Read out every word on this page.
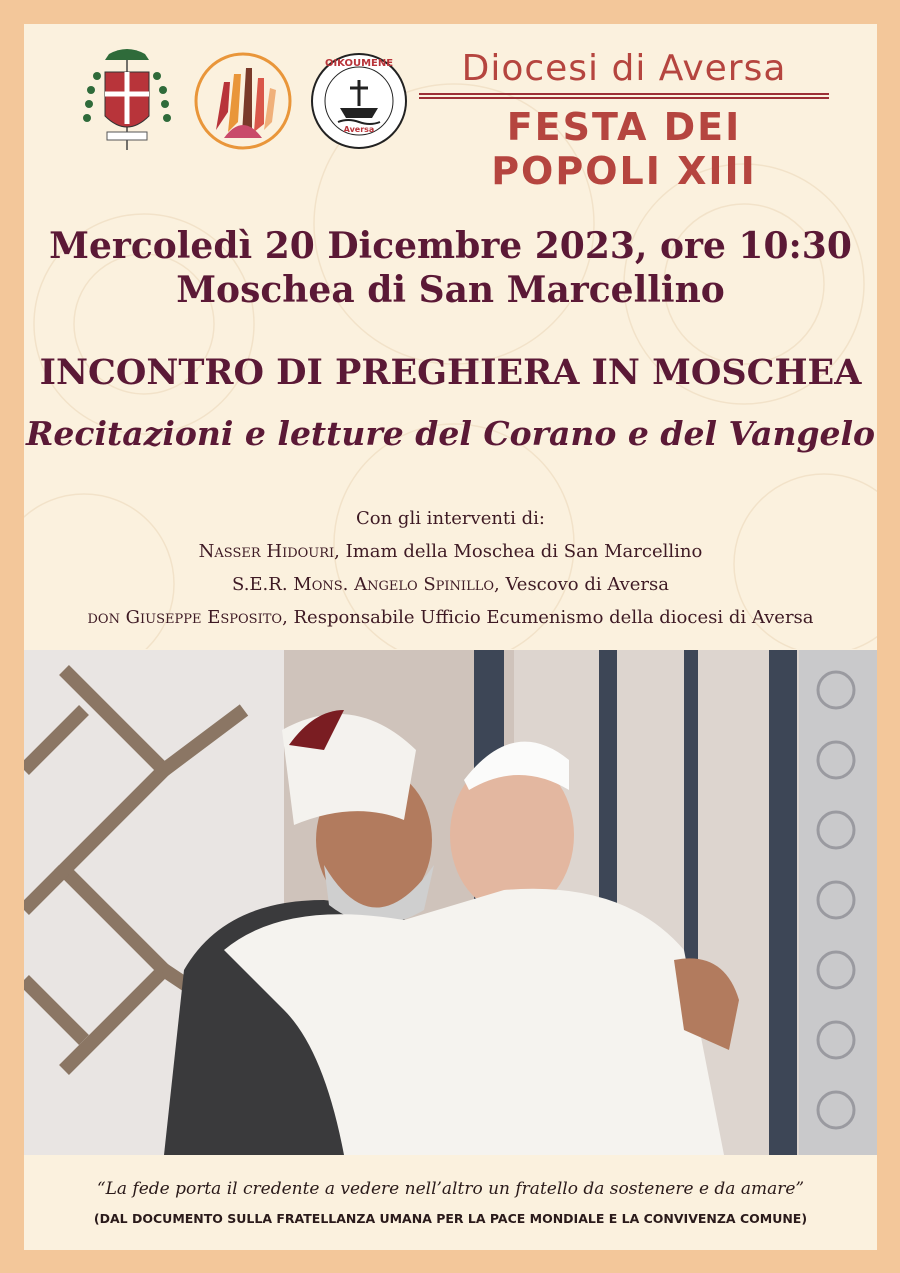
OIKOUMENE
Aversa
Diocesi di Aversa
FESTA DEI POPOLI XIII
Mercoledì 20 Dicembre 2023, ore 10:30
Moschea di San Marcellino
INCONTRO DI PREGHIERA IN MOSCHEA
Recitazioni e letture del Corano e del Vangelo
Con gli interventi di:
Nasser Hidouri, Imam della Moschea di San Marcellino
S.E.R. Mons. Angelo Spinillo, Vescovo di Aversa
don Giuseppe Esposito, Responsabile Ufficio Ecumenismo della diocesi di Aversa
“La fede porta il credente a vedere nell’altro un fratello da sostenere e da amare”
(DAL DOCUMENTO SULLA FRATELLANZA UMANA PER LA PACE MONDIALE E LA CONVIVENZA COMUNE)
